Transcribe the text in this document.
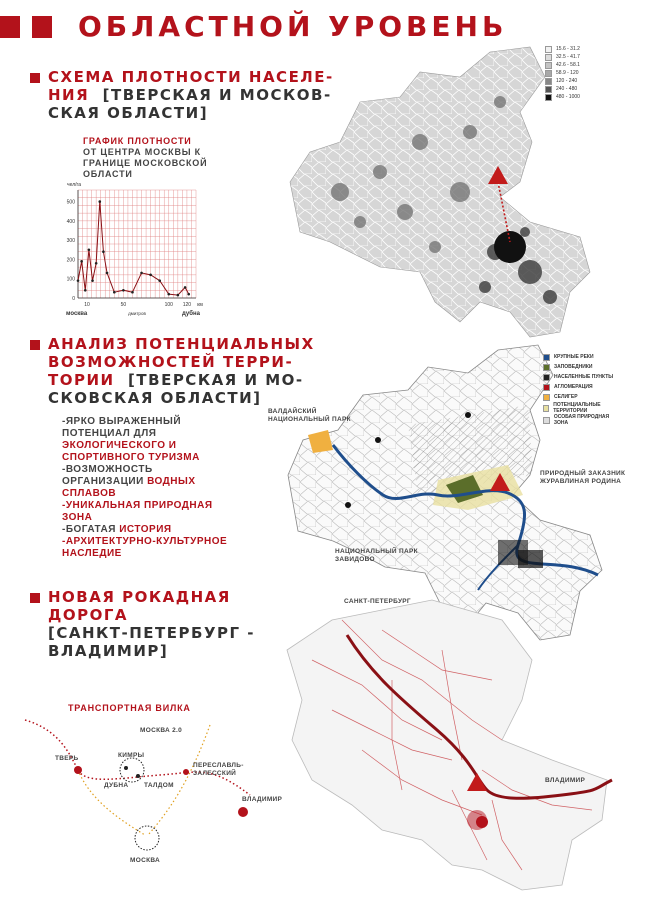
ОБЛАСТНОЙ УРОВЕНЬ
СХЕМА ПЛОТНОСТИ НАСЕЛЕ-
НИЯ [ТВЕРСКАЯ И МОСКОВ-
СКАЯ ОБЛАСТИ]
ГРАФИК ПЛОТНОСТИ
ОТ ЦЕНТРА МОСКВЫ К
ГРАНИЦЕ МОСКОВСКОЙ
ОБЛАСТИ
0
100
200
300
400
500
10	50	100 120
чел/га
км
москва	дмитров	дубна
15.6 - 31.2
32.5 - 41.7
42.6 - 58.1
58.9 - 120
120 - 240
240 - 480
480 - 1000
АНАЛИЗ ПОТЕНЦИАЛЬНЫХ
ВОЗМОЖНОСТЕЙ ТЕРРИ-
ТОРИИ [ТВЕРСКАЯ И МО-
СКОВСКАЯ ОБЛАСТИ]
-ЯРКО ВЫРАЖЕННЫЙ
ПОТЕНЦИАЛ ДЛЯ
ЭКОЛОГИЧЕСКОГО И
СПОРТИВНОГО ТУРИЗМА
-ВОЗМОЖНОСТЬ
ОРГАНИЗАЦИИ ВОДНЫХ
СПЛАВОВ
-УНИКАЛЬНАЯ ПРИРОДНАЯ
ЗОНА
-БОГАТАЯ ИСТОРИЯ
-АРХИТЕКТУРНО-КУЛЬТУРНОЕ
НАСЛЕДИЕ
ВАЛДАЙСКИЙ
НАЦИОНАЛЬНЫЙ ПАРК
ПРИРОДНЫЙ ЗАКАЗНИК
ЖУРАВЛИНАЯ РОДИНА
НАЦИОНАЛЬНЫЙ ПАРК
ЗАВИДОВО
КРУПНЫЕ РЕКИ
ЗАПОВЕДНИКИ
НАСЕЛЕННЫЕ ПУНКТЫ
АГЛОМЕРАЦИЯ
СЕЛИГЕР
ПОТЕНЦИАЛЬНЫЕ ТЕРРИТОРИИ
ОСОБАЯ ПРИРОДНАЯ ЗОНА
НОВАЯ РОКАДНАЯ
ДОРОГА
[САНКТ-ПЕТЕРБУРГ -
ВЛАДИМИР]
ТРАНСПОРТНАЯ ВИЛКА
МОСКВА 2.0
ТВЕРЬ	КИМРЫ
ДУБНА ТАЛДОМ
ПЕРЕСЛАВЛЬ-
ЗАЛЕССКИЙ
ВЛАДИМИР
МОСКВА
САНКТ-ПЕТЕРБУРГ
ВЛАДИМИР
